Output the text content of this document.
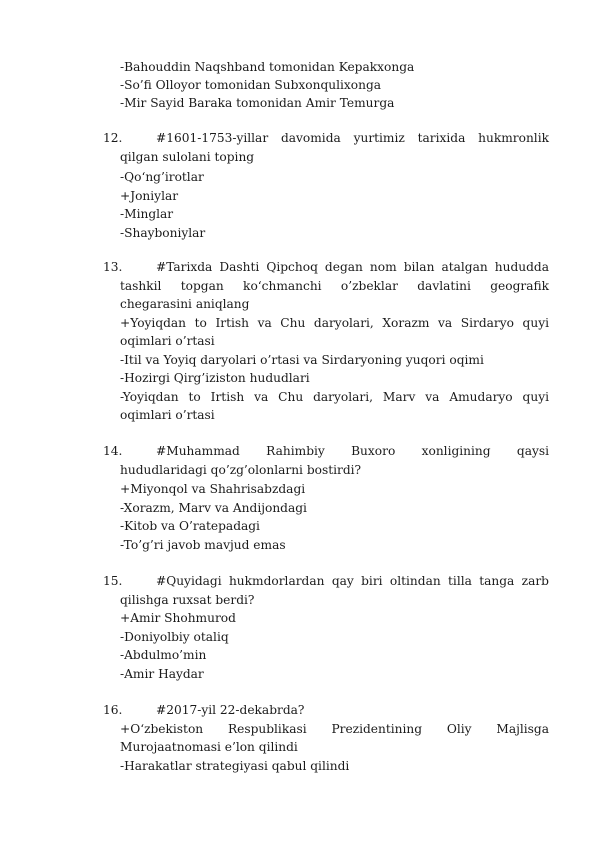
-Bahouddin Naqshband tomonidan Kepakxonga
-So’fi Olloyor tomonidan Subxonqulixonga
-Mir Sayid Baraka tomonidan Amir Temurga
12.	#1601-1753-yillar davomida yurtimiz tarixida hukmronlik
qilgan sulolani toping
-Qo‘ng’irotlar
+Joniylar
-Minglar
-Shayboniylar
13.	#Tarixda Dashti Qipchoq degan nom bilan atalgan hududda
tashkil topgan ko‘chmanchi o’zbeklar davlatini geografik
chegarasini aniqlang
+Yoyiqdan to Irtish va Chu daryolari, Xorazm va Sirdaryo quyi
oqimlari o’rtasi
-Itil va Yoyiq daryolari o’rtasi va Sirdaryoning yuqori oqimi
-Hozirgi Qirg’iziston hududlari
-Yoyiqdan to Irtish va Chu daryolari, Marv va Amudaryo quyi
oqimlari o’rtasi
14.	#Muhammad Rahimbiy Buxoro xonligining qaysi
hududlaridagi qo’zg’olonlarni bostirdi?
+Miyonqol va Shahrisabzdagi
-Xorazm, Marv va Andijondagi
-Kitob va O’ratepadagi
-To’g’ri javob mavjud emas
15.	#Quyidagi hukmdorlardan qay biri oltindan tilla tanga zarb
qilishga ruxsat berdi?
+Amir Shohmurod
-Doniyolbiy otaliq
-Abdulmo’min
-Amir Haydar
16.	#2017-yil 22-dekabrda?
+O‘zbekiston Respublikasi Prezidentining Oliy Majlisga
Murojaatnomasi e’lon qilindi
-Harakatlar strategiyasi qabul qilindi
